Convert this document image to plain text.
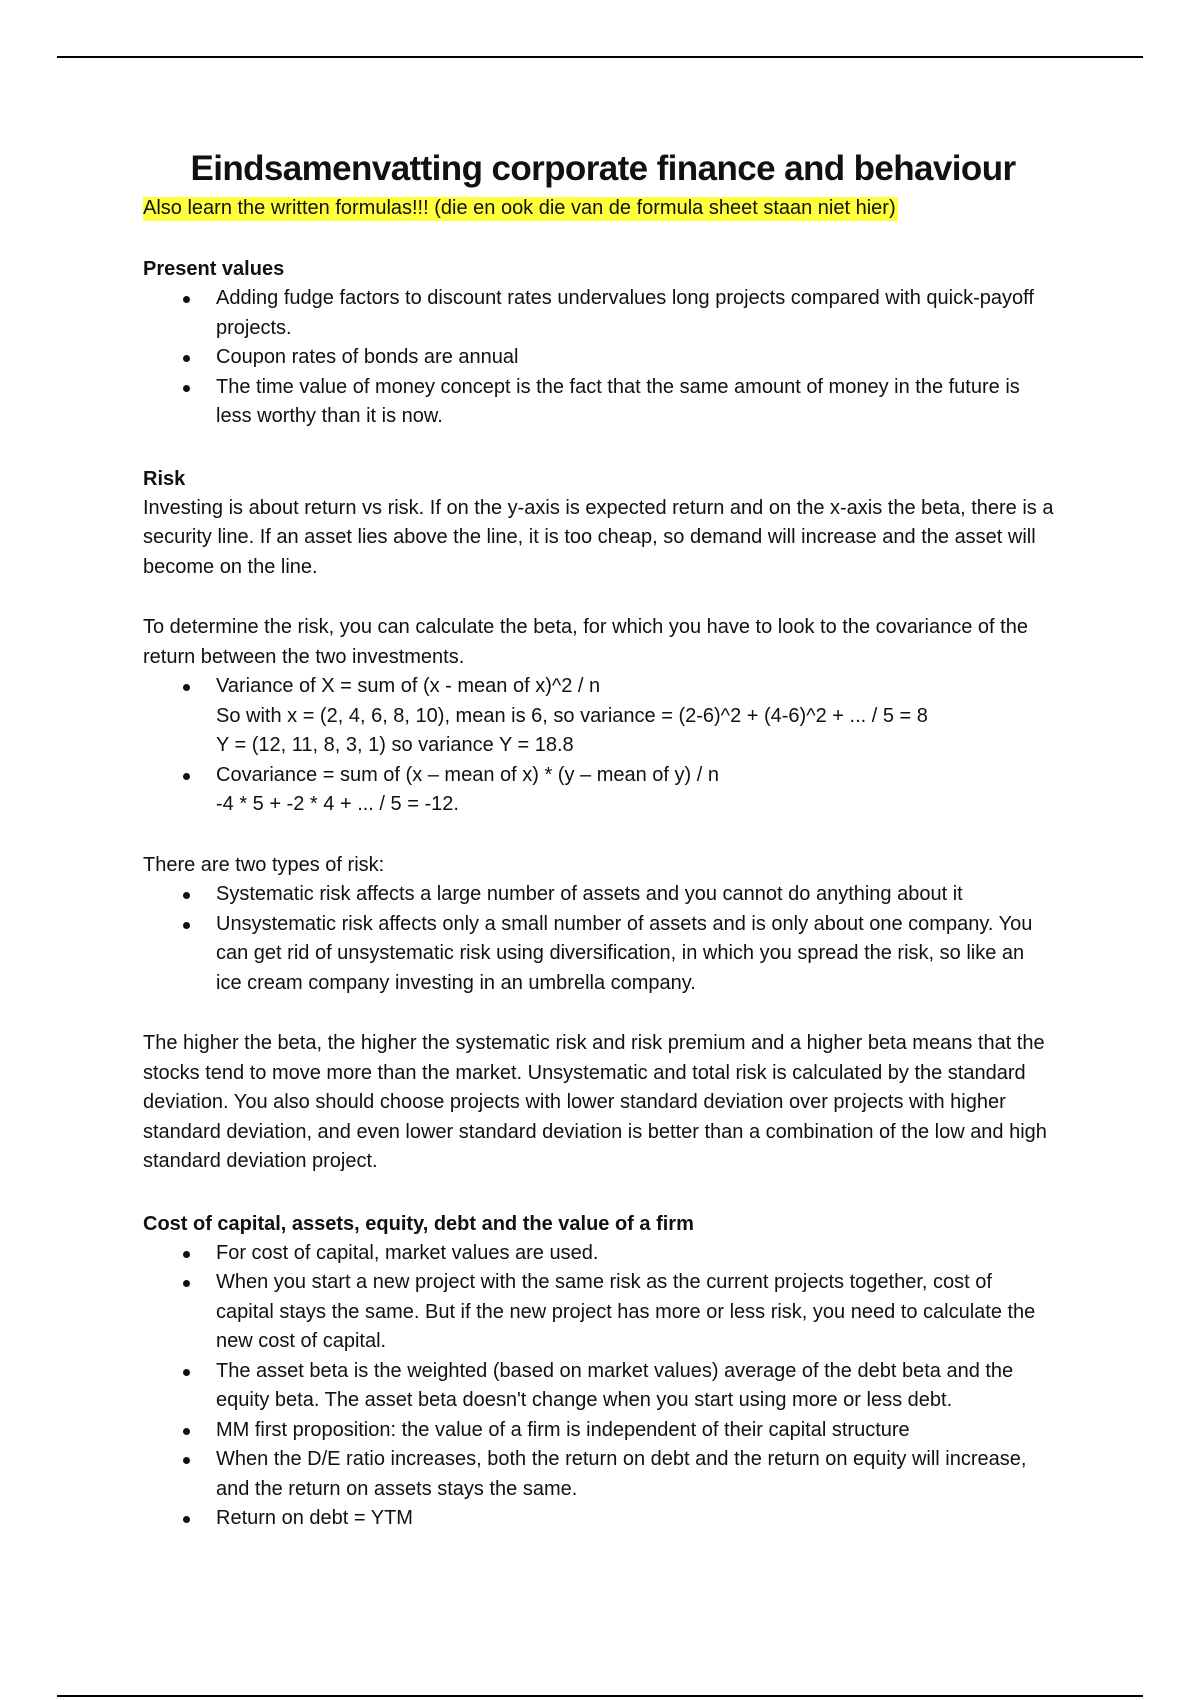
Eindsamenvatting corporate finance and behaviour

Also learn the written formulas!!! (die en ook die van de formula sheet staan niet hier)

Present values
Adding fudge factors to discount rates undervalues long projects compared with quick-payoff projects.
Coupon rates of bonds are annual
The time value of money concept is the fact that the same amount of money in the future is less worthy than it is now.
Risk

Investing is about return vs risk. If on the y-axis is expected return and on the x-axis the beta, there is a security line. If an asset lies above the line, it is too cheap, so demand will increase and the asset will become on the line.

To determine the risk, you can calculate the beta, for which you have to look to the covariance of the return between the two investments.

Variance of X = sum of (x - mean of x)^2 / n
So with x = (2, 4, 6, 8, 10), mean is 6, so variance = (2-6)^2 + (4-6)^2 + ... / 5 = 8
Y = (12, 11, 8, 3, 1) so variance Y = 18.8
Covariance = sum of (x – mean of x) * (y – mean of y) / n
-4 * 5 + -2 * 4 + ... / 5 = -12.

There are two types of risk:

Systematic risk affects a large number of assets and you cannot do anything about it
Unsystematic risk affects only a small number of assets and is only about one company. You can get rid of unsystematic risk using diversification, in which you spread the risk, so like an ice cream company investing in an umbrella company.

The higher the beta, the higher the systematic risk and risk premium and a higher beta means that the stocks tend to move more than the market. Unsystematic and total risk is calculated by the standard deviation. You also should choose projects with lower standard deviation over projects with higher standard deviation, and even lower standard deviation is better than a combination of the low and high standard deviation project.

Cost of capital, assets, equity, debt and the value of a firm
For cost of capital, market values are used.
When you start a new project with the same risk as the current projects together, cost of capital stays the same. But if the new project has more or less risk, you need to calculate the new cost of capital.
The asset beta is the weighted (based on market values) average of the debt beta and the equity beta. The asset beta doesn't change when you start using more or less debt.
MM first proposition: the value of a firm is independent of their capital structure
When the D/E ratio increases, both the return on debt and the return on equity will increase, and the return on assets stays the same.
Return on debt = YTM
